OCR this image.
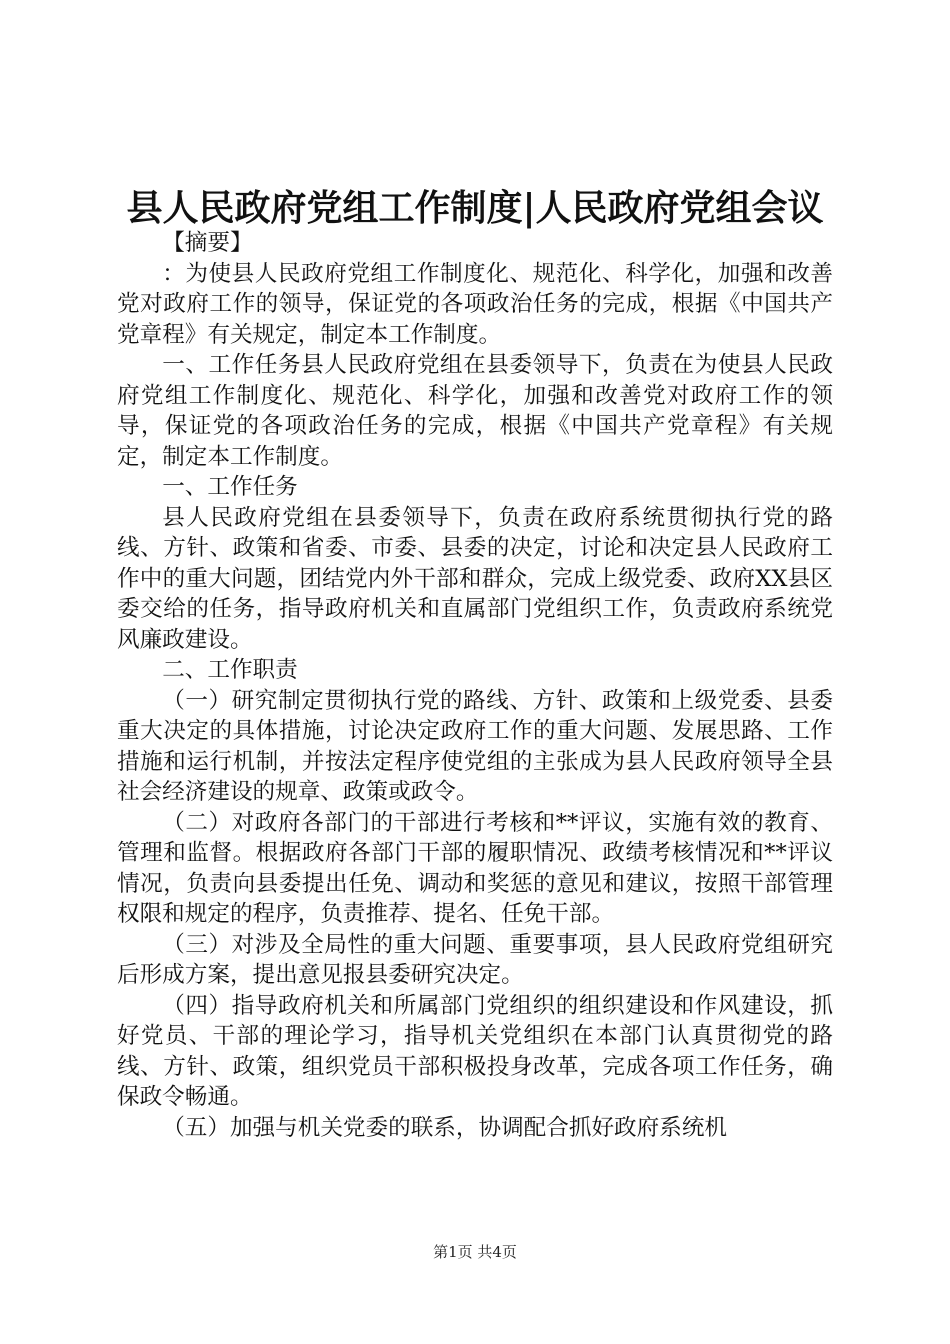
县人民政府党组工作制度|人民政府党组会议

【摘要】

：为使县人民政府党组工作制度化、规范化、科学化，加强和改善党对政府工作的领导，保证党的各项政治任务的完成，根据《中国共产党章程》有关规定，制定本工作制度。

一、工作任务县人民政府党组在县委领导下，负责在为使县人民政府党组工作制度化、规范化、科学化，加强和改善党对政府工作的领导，保证党的各项政治任务的完成，根据《中国共产党章程》有关规定，制定本工作制度。

一、工作任务

县人民政府党组在县委领导下，负责在政府系统贯彻执行党的路线、方针、政策和省委、市委、县委的决定，讨论和决定县人民政府工作中的重大问题，团结党内外干部和群众，完成上级党委、政府XX县区委交给的任务，指导政府机关和直属部门党组织工作，负责政府系统党风廉政建设。

二、工作职责

（一）研究制定贯彻执行党的路线、方针、政策和上级党委、县委重大决定的具体措施，讨论决定政府工作的重大问题、发展思路、工作措施和运行机制，并按法定程序使党组的主张成为县人民政府领导全县社会经济建设的规章、政策或政令。

（二）对政府各部门的干部进行考核和**评议，实施有效的教育、管理和监督。根据政府各部门干部的履职情况、政绩考核情况和**评议情况，负责向县委提出任免、调动和奖惩的意见和建议，按照干部管理权限和规定的程序，负责推荐、提名、任免干部。

（三）对涉及全局性的重大问题、重要事项，县人民政府党组研究后形成方案，提出意见报县委研究决定。

（四）指导政府机关和所属部门党组织的组织建设和作风建设，抓好党员、干部的理论学习，指导机关党组织在本部门认真贯彻党的路线、方针、政策，组织党员干部积极投身改革，完成各项工作任务，确保政令畅通。

（五）加强与机关党委的联系，协调配合抓好政府系统机

第1页 共4页
